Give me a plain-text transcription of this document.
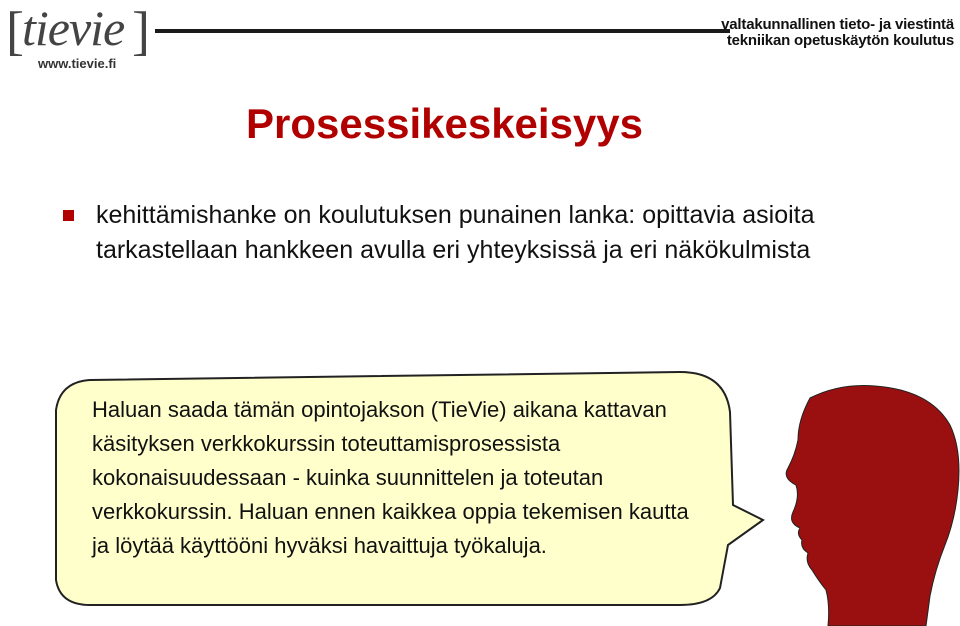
[
tievie ]
www.tievie.fi
valtakunnallinen tieto- ja viestintä
tekniikan opetuskäytön koulutus
Prosessikeskeisyys
kehittämishanke on koulutuksen punainen lanka: opittavia asioita tarkastellaan hankkeen avulla eri yhteyksissä ja eri näkökulmista
Haluan saada tämän opintojakson (TieVie) aikana kattavan käsityksen verkkokurssin toteuttamisprosessista kokonaisuudessaan - kuinka suunnittelen ja toteutan verkkokurssin. Haluan ennen kaikkea oppia tekemisen kautta ja löytää käyttööni hyväksi havaittuja työkaluja.
